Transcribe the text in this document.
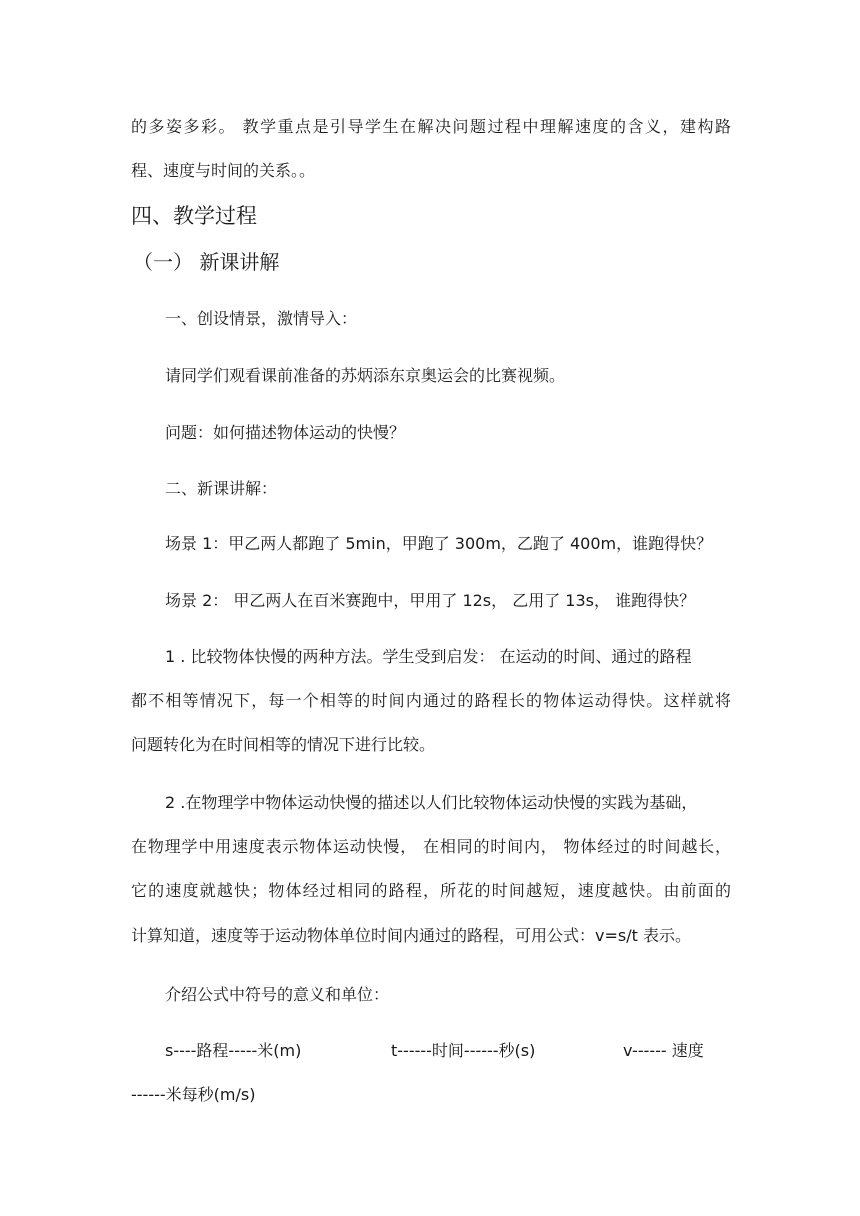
的多姿多彩。 教学重点是引导学生在解决问题过程中理解速度的含义，建构路
程、速度与时间的关系。。
四、教学过程
（一） 新课讲解
一、创设情景，激情导入：
请同学们观看课前准备的苏炳添东京奥运会的比赛视频。
问题：如何描述物体运动的快慢？
二、新课讲解：
场景 1：甲乙两人都跑了 5min，甲跑了 300m，乙跑了 400m，谁跑得快？
场景 2： 甲乙两人在百米赛跑中，甲用了 12s， 乙用了 13s， 谁跑得快？
1 . 比较物体快慢的两种方法。学生受到启发： 在运动的时间、通过的路程
都不相等情况下，每一个相等的时间内通过的路程长的物体运动得快。这样就将
问题转化为在时间相等的情况下进行比较。
2 .在物理学中物体运动快慢的描述以人们比较物体运动快慢的实践为基础，
在物理学中用速度表示物体运动快慢， 在相同的时间内， 物体经过的时间越长，
它的速度就越快；物体经过相同的路程，所花的时间越短，速度越快。由前面的
计算知道，速度等于运动物体单位时间内通过的路程，可用公式：v=s/t 表示。
介绍公式中符号的意义和单位：
s----路程-----米(m)	t------时间------秒(s)	v------ 速度
------米每秒(m/s)
